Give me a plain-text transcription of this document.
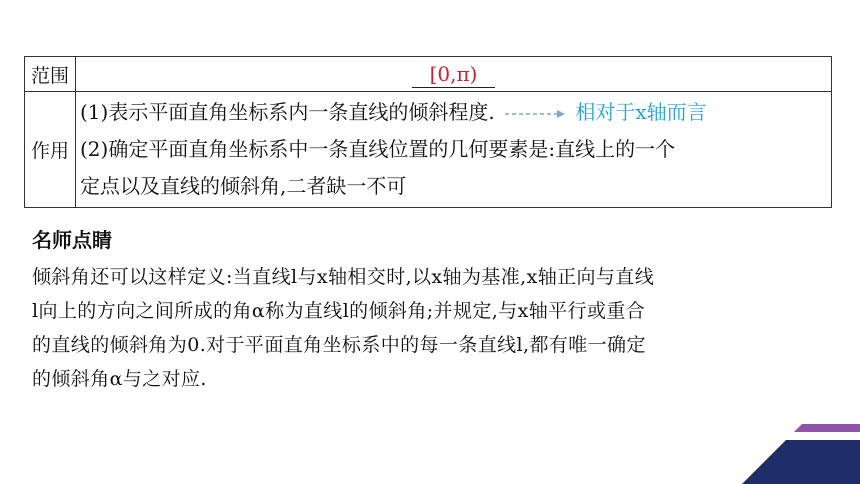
范围	[0,π)
作用	(1)表示平面直角坐标系内一条直线的倾斜程度. 相对于x轴而言
(2)确定平面直角坐标系中一条直线位置的几何要素是:直线上的一个
定点以及直线的倾斜角,二者缺一不可
名师点睛
倾斜角还可以这样定义:当直线l与x轴相交时,以x轴为基准,x轴正向与直线
l向上的方向之间所成的角α称为直线l的倾斜角;并规定,与x轴平行或重合
的直线的倾斜角为0.对于平面直角坐标系中的每一条直线l,都有唯一确定
的倾斜角α与之对应.
